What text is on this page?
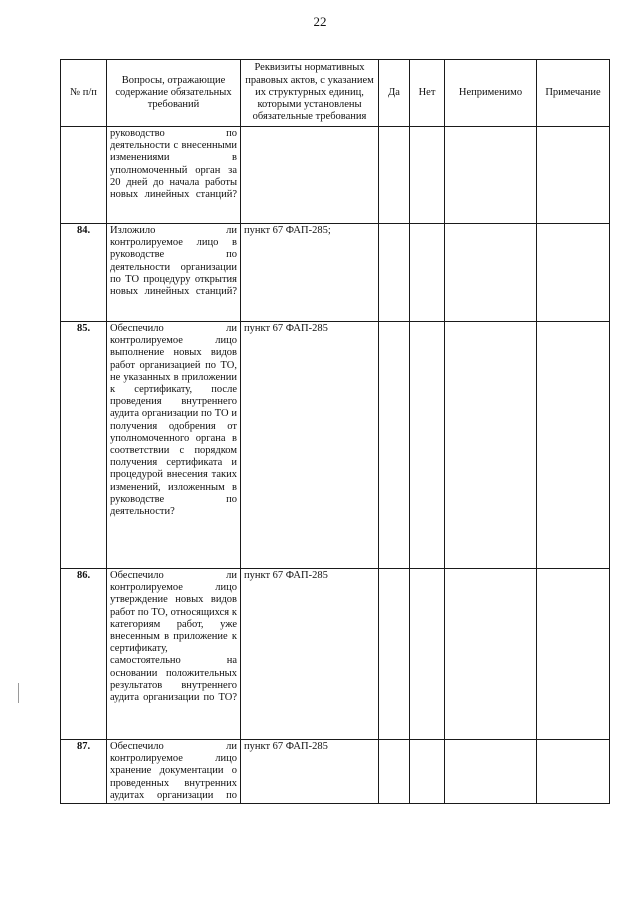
22
№ п/п	Вопросы, отражающие содержание обязательных требований	Реквизиты нормативных правовых актов, с указанием их структурных единиц, которыми установлены обязательные требования	Да	Нет	Неприменимо	Примечание
	руководство по деятельности с внесенными изменениями в уполномоченный орган за 20 дней до начала работы новых линейных станций?					
84.	Изложило ли контролируемое лицо в руководстве по деятельности организации по ТО процедуру открытия новых линейных станций?	пункт 67 ФАП-285;				
85.	Обеспечило ли контролируемое лицо выполнение новых видов работ организацией по ТО, не указанных в приложении к сертификату, после проведения внутреннего аудита организации по ТО и получения одобрения от уполномоченного органа в соответствии с порядком получения сертификата и процедурой внесения таких изменений, изложенным в руководстве по деятельности?	пункт 67 ФАП-285				
86.	Обеспечило ли контролируемое лицо утверждение новых видов работ по ТО, относящихся к категориям работ, уже внесенным в приложение к сертификату, самостоятельно на основании положительных результатов внутреннего аудита организации по ТО?	пункт 67 ФАП-285				
87.	Обеспечило ли контролируемое лицо хранение документации о проведенных внутренних аудитах организации по	пункт 67 ФАП-285				
